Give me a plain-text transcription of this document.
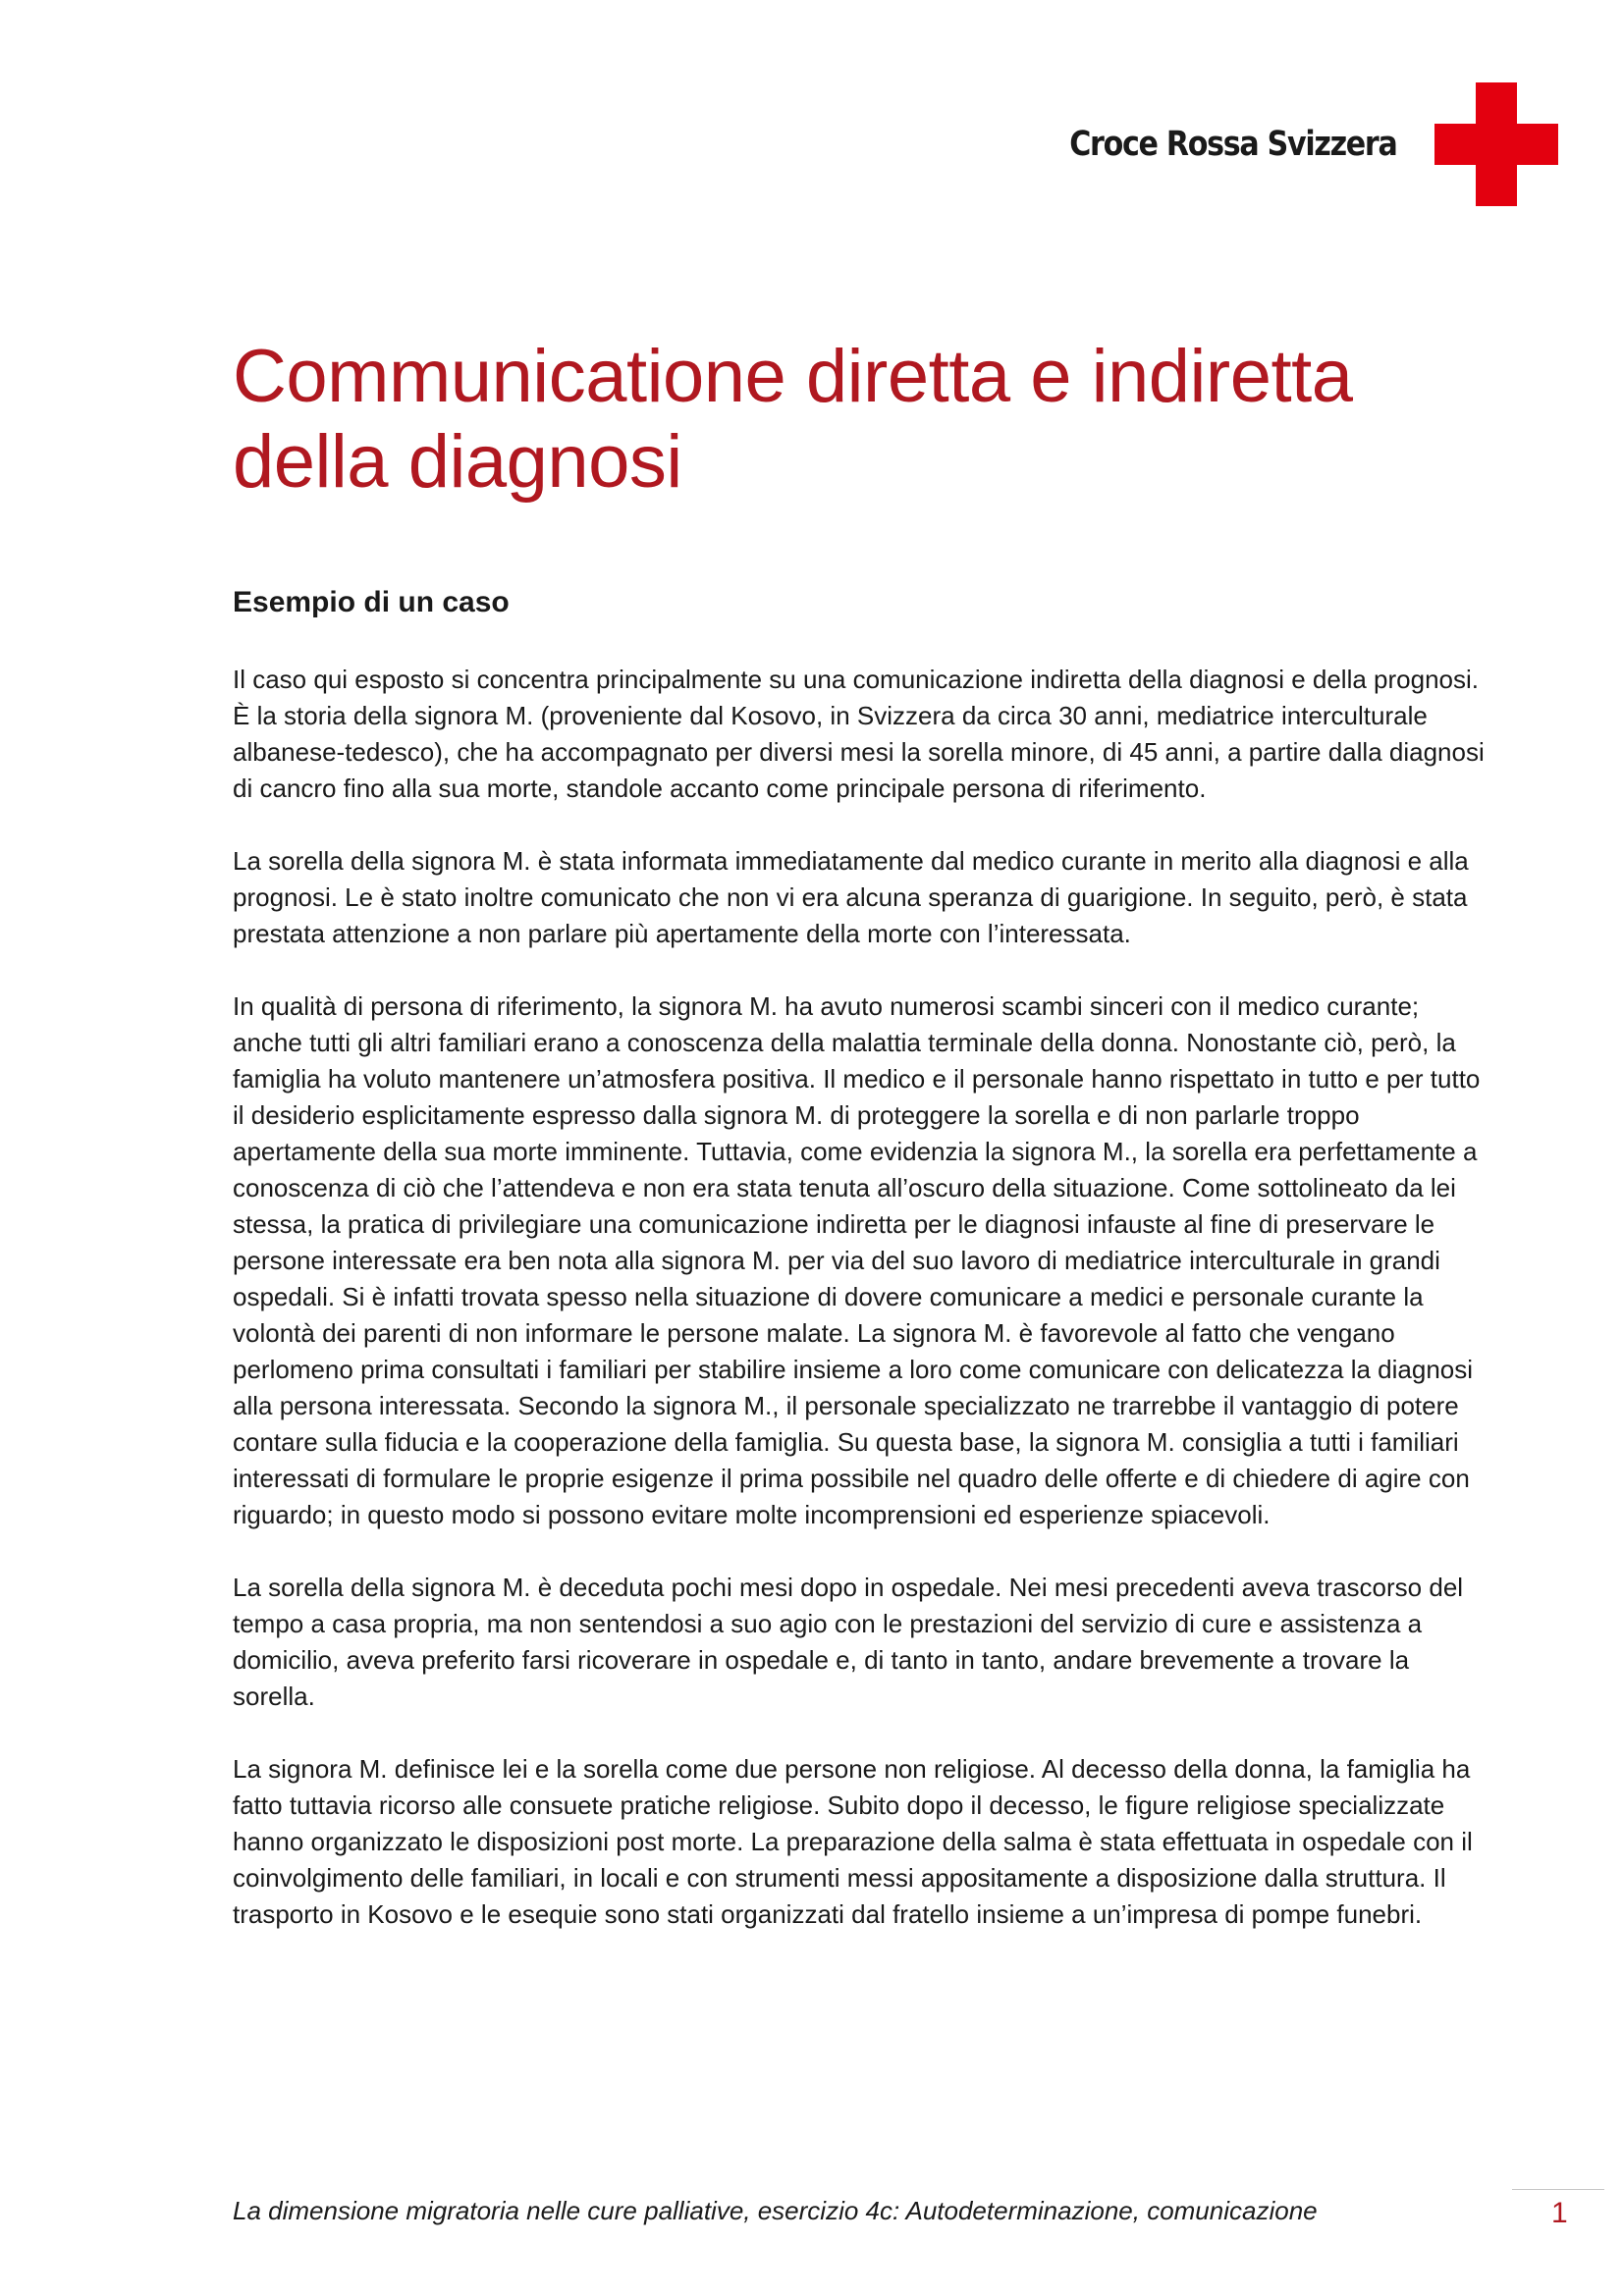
Croce Rossa Svizzera
Communicatione diretta e indiretta
della diagnosi
Esempio di un caso

Il caso qui esposto si concentra principalmente su una comunicazione indiretta della diagnosi e della prognosi. È la storia della signora M. (proveniente dal Kosovo, in Svizzera da circa 30 anni, mediatrice interculturale albanese-tedesco), che ha accompagnato per diversi mesi la sorella minore, di 45 anni, a partire dalla diagnosi di cancro fino alla sua morte, standole accanto come principale persona di riferimento.

La sorella della signora M. è stata informata immediatamente dal medico curante in merito alla diagnosi e alla prognosi. Le è stato inoltre comunicato che non vi era alcuna speranza di guarigione. In seguito, però, è stata prestata attenzione a non parlare più apertamente della morte con l’interessata.

In qualità di persona di riferimento, la signora M. ha avuto numerosi scambi sinceri con il medico curante; anche tutti gli altri familiari erano a conoscenza della malattia terminale della donna. Nonostante ciò, però, la famiglia ha voluto mantenere un’atmosfera positiva. Il medico e il personale hanno rispettato in tutto e per tutto il desiderio esplicitamente espresso dalla signora M. di proteggere la sorella e di non parlarle troppo apertamente della sua morte imminente. Tuttavia, come evidenzia la signora M., la sorella era perfettamente a conoscenza di ciò che l’attendeva e non era stata tenuta all’oscuro della situazione. Come sottolineato da lei stessa, la pratica di privilegiare una comunicazione indiretta per le diagnosi infauste al fine di preservare le persone interessate era ben nota alla signora M. per via del suo lavoro di mediatrice interculturale in grandi ospedali. Si è infatti trovata spesso nella situazione di dovere comunicare a medici e personale curante la volontà dei parenti di non informare le persone malate. La signora M. è favorevole al fatto che vengano perlomeno prima consultati i familiari per stabilire insieme a loro come comunicare con delicatezza la diagnosi alla persona interessata. Secondo la signora M., il personale specializzato ne trarrebbe il vantaggio di potere contare sulla fiducia e la cooperazione della famiglia. Su questa base, la signora M. consiglia a tutti i familiari interessati di formulare le proprie esigenze il prima possibile nel quadro delle offerte e di chiedere di agire con riguardo; in questo modo si possono evitare molte incomprensioni ed esperienze spiacevoli.

La sorella della signora M. è deceduta pochi mesi dopo in ospedale. Nei mesi precedenti aveva trascorso del tempo a casa propria, ma non sentendosi a suo agio con le prestazioni del servizio di cure e assistenza a domicilio, aveva preferito farsi ricoverare in ospedale e, di tanto in tanto, andare brevemente a trovare la sorella.

La signora M. definisce lei e la sorella come due persone non religiose. Al decesso della donna, la famiglia ha fatto tuttavia ricorso alle consuete pratiche religiose. Subito dopo il decesso, le figure religiose specializzate hanno organizzato le disposizioni post morte. La preparazione della salma è stata effettuata in ospedale con il coinvolgimento delle familiari, in locali e con strumenti messi appositamente a disposizione dalla struttura. Il trasporto in Kosovo e le esequie sono stati organizzati dal fratello insieme a un’impresa di pompe funebri.

La dimensione migratoria nelle cure palliative, esercizio 4c: Autodeterminazione, comunicazione	1
